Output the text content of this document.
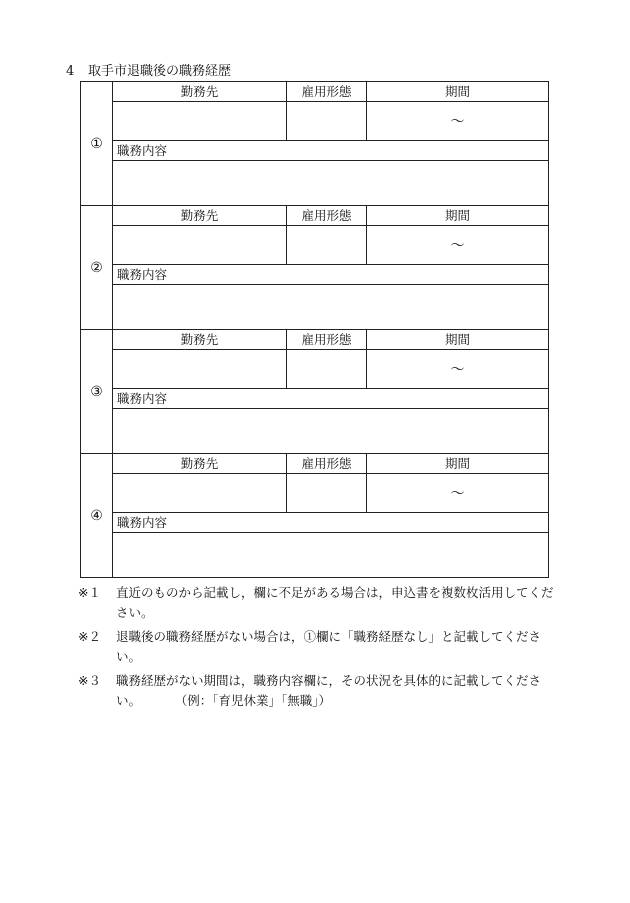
4 取手市退職後の職務経歴
①	勤務先	雇用形態	期間
			～
	職務内容		

②	勤務先	雇用形態	期間
			～
	職務内容		

③	勤務先	雇用形態	期間
			～
	職務内容		

④	勤務先	雇用形態	期間
			～
	職務内容		

※１	直近のものから記載し，欄に不足がある場合は，申込書を複数枚活用してください。
※２	退職後の職務経歴がない場合は，①欄に「職務経歴なし」と記載してください。
※３	職務経歴がない期間は，職務内容欄に，その状況を具体的に記載してください。	（例：「育児休業」「無職」）
